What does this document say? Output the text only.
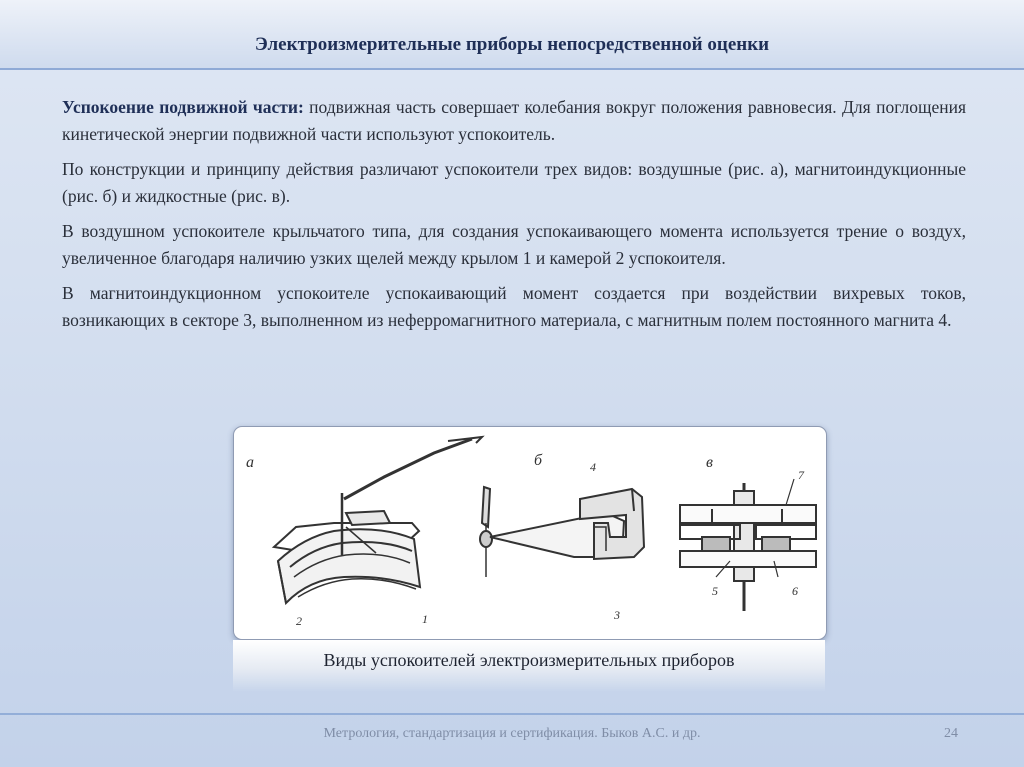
Электроизмерительные приборы непосредственной оценки

Успокоение подвижной части: подвижная часть совершает колебания вокруг положения равновесия. Для поглощения кинетической энергии подвижной части используют успокоитель.

По конструкции и принципу действия различают успокоители трех видов: воздушные (рис. а), магнитоиндукционные (рис. б) и жидкостные (рис. в).

В воздушном успокоителе крыльчатого типа, для создания успокаивающего момента используется трение о воздух, увеличенное благодаря наличию узких щелей между крылом 1 и камерой 2 успокоителя.

В магнитоиндукционном успокоителе успокаивающий момент создается при воздействии вихревых токов, возникающих в секторе 3, выполненном из неферромагнитного материала, с магнитным полем постоянного магнита 4.

а	б	в
1
2	3
4
5	6
7
Виды успокоителей электроизмерительных приборов
Метрология, стандартизация и сертификация. Быков А.С. и др.	24
